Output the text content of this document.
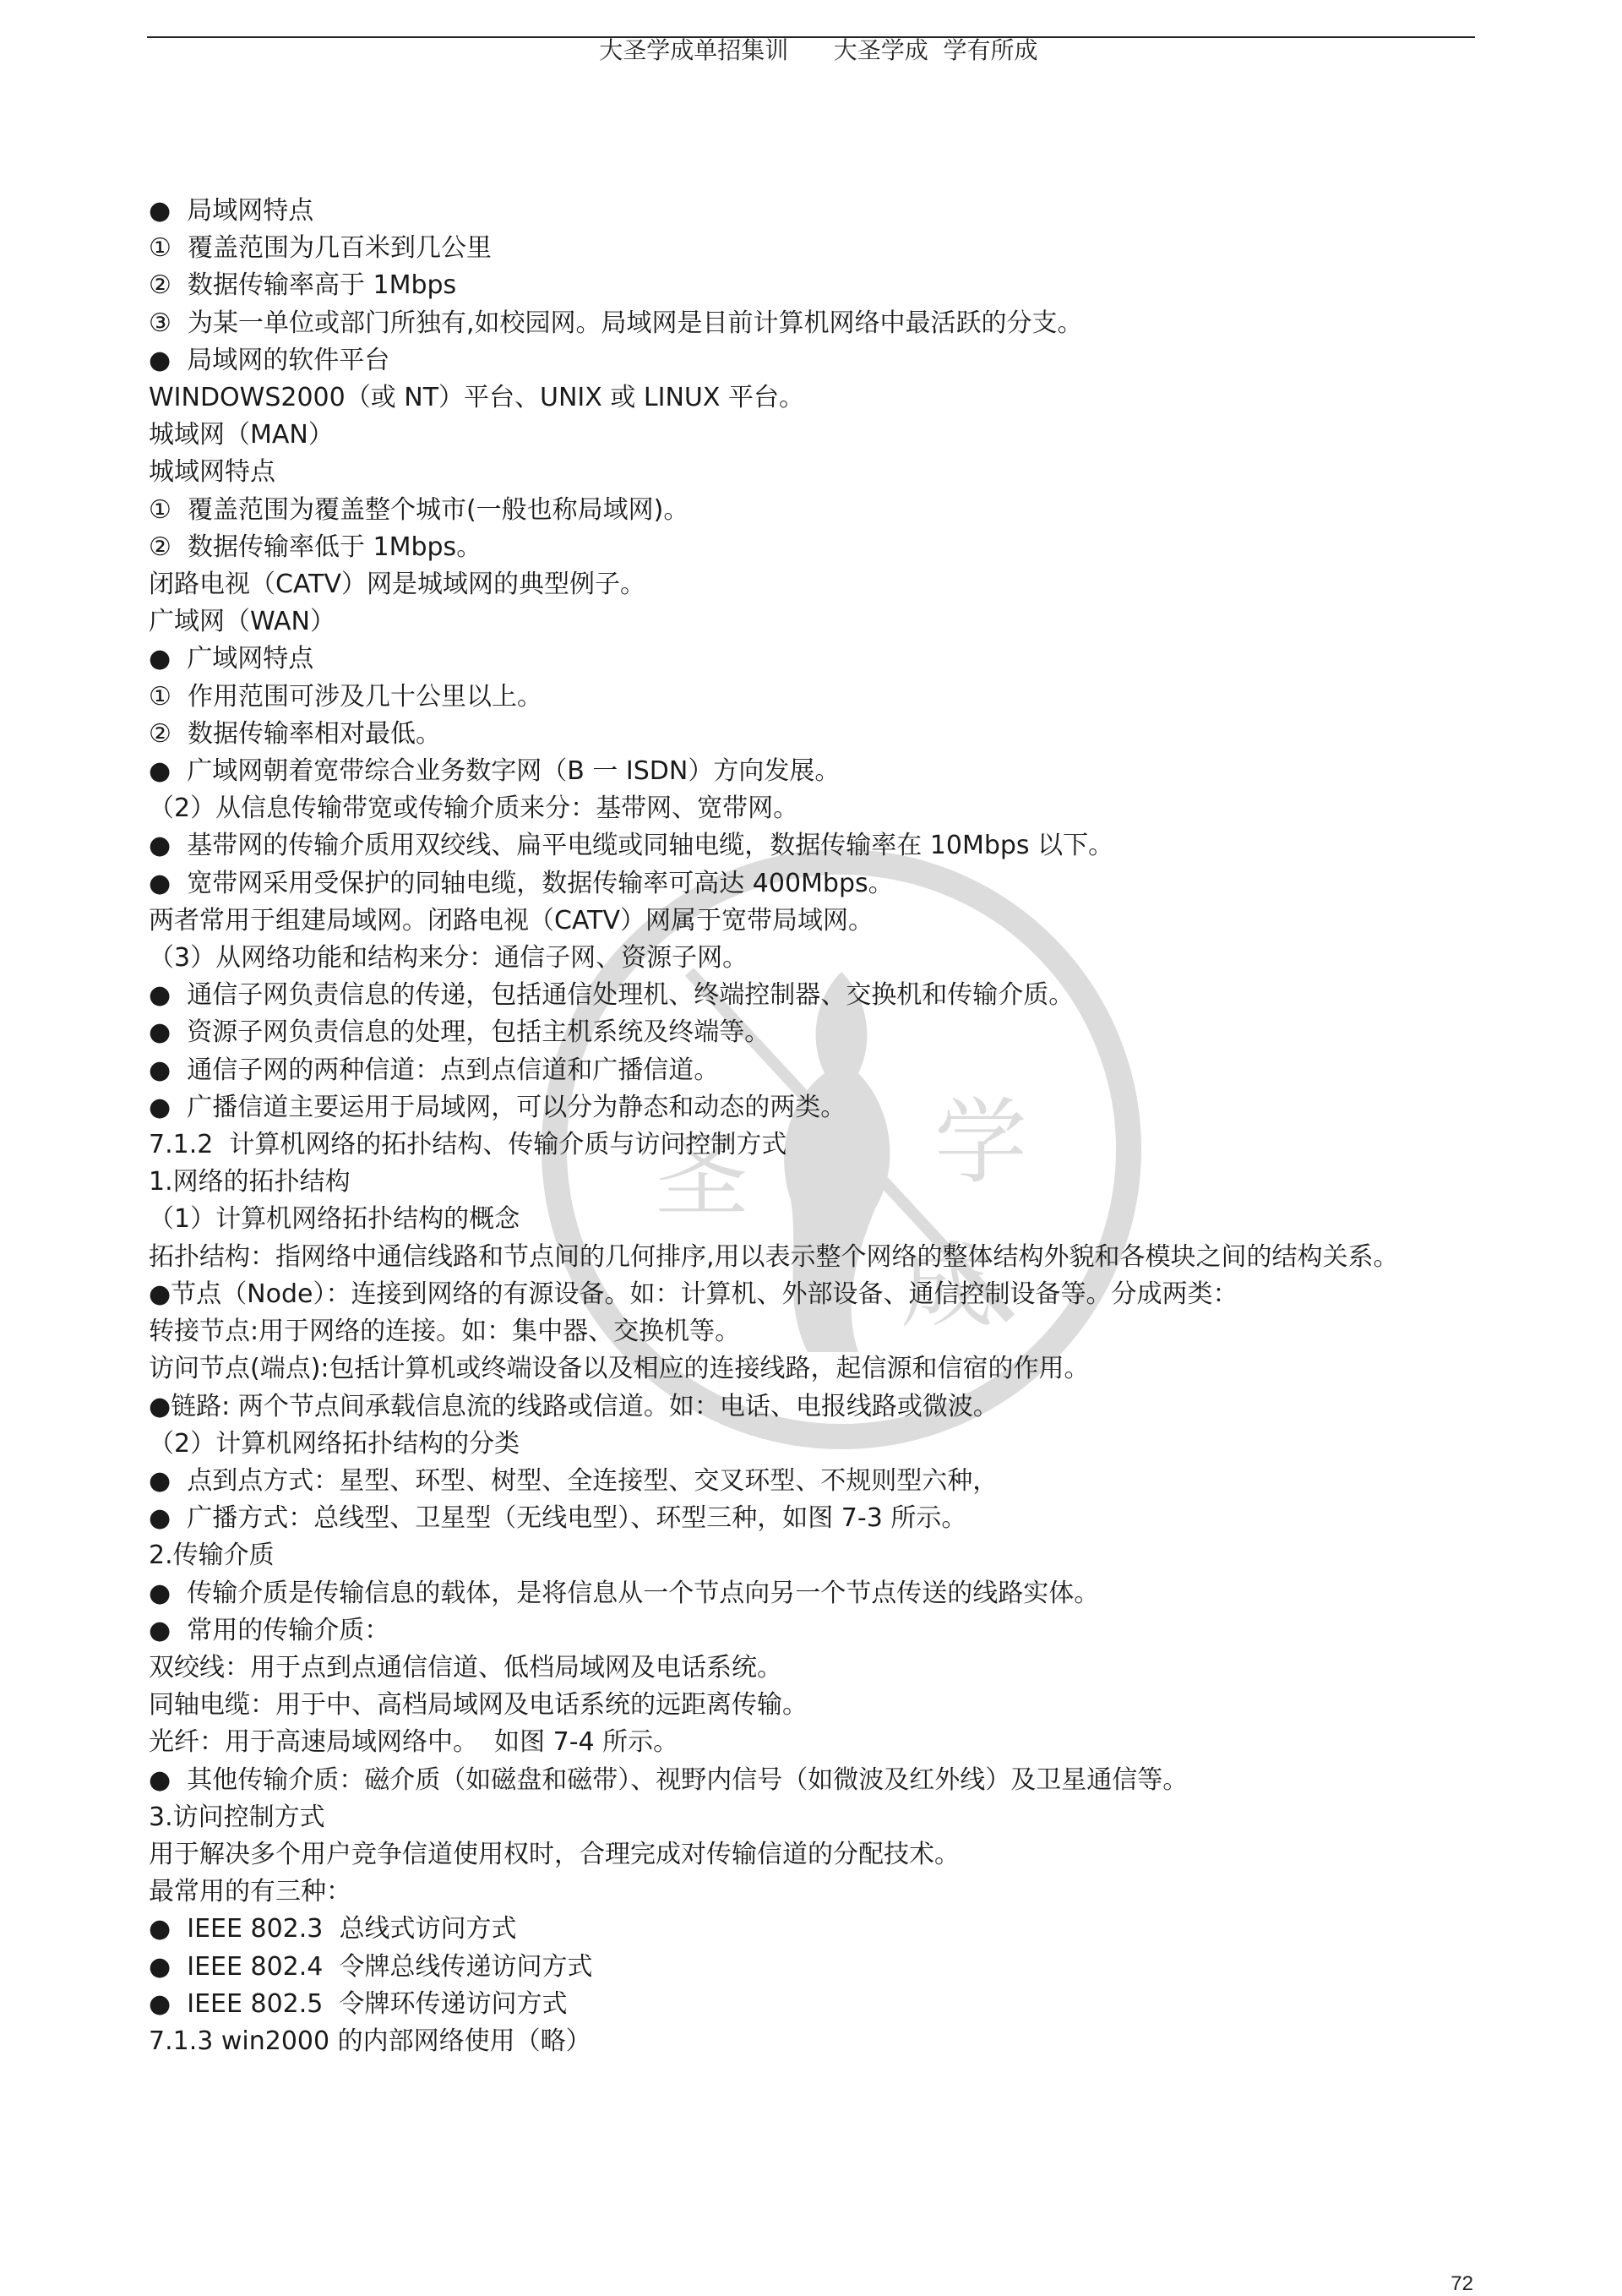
大圣学成单招集训      大圣学成  学有所成

圣 学
成
●  局域网特点
①  覆盖范围为几百米到几公里
②  数据传输率高于 1Mbps
③  为某一单位或部门所独有,如校园网。局域网是目前计算机网络中最活跃的分支。
●  局域网的软件平台
WINDOWS2000（或 NT）平台、UNIX 或 LINUX 平台。
城域网（MAN）
城域网特点
①  覆盖范围为覆盖整个城市(一般也称局域网)。
②  数据传输率低于 1Mbps。
闭路电视（CATV）网是城域网的典型例子。
广域网（WAN）
●  广域网特点
①  作用范围可涉及几十公里以上。
②  数据传输率相对最低。
●  广域网朝着宽带综合业务数字网（B 一 ISDN）方向发展。
（2）从信息传输带宽或传输介质来分：基带网、宽带网。
●  基带网的传输介质用双绞线、扁平电缆或同轴电缆，数据传输率在 10Mbps 以下。
●  宽带网采用受保护的同轴电缆，数据传输率可高达 400Mbps。
两者常用于组建局域网。闭路电视（CATV）网属于宽带局域网。
（3）从网络功能和结构来分：通信子网、资源子网。
●  通信子网负责信息的传递，包括通信处理机、终端控制器、交换机和传输介质。
●  资源子网负责信息的处理，包括主机系统及终端等。
●  通信子网的两种信道：点到点信道和广播信道。
●  广播信道主要运用于局域网，可以分为静态和动态的两类。
7.1.2  计算机网络的拓扑结构、传输介质与访问控制方式
1.网络的拓扑结构
（1）计算机网络拓扑结构的概念
拓扑结构：指网络中通信线路和节点间的几何排序,用以表示整个网络的整体结构外貌和各模块之间的结构关系。
●节点（Node）：连接到网络的有源设备。如：计算机、外部设备、通信控制设备等。分成两类：
转接节点:用于网络的连接。如：集中器、交换机等。
访问节点(端点):包括计算机或终端设备以及相应的连接线路，起信源和信宿的作用。
●链路: 两个节点间承载信息流的线路或信道。如：电话、电报线路或微波。
（2）计算机网络拓扑结构的分类
●  点到点方式：星型、环型、树型、全连接型、交叉环型、不规则型六种，
●  广播方式：总线型、卫星型（无线电型）、环型三种，如图 7-3 所示。
2.传输介质
●  传输介质是传输信息的载体，是将信息从一个节点向另一个节点传送的线路实体。
●  常用的传输介质：
双绞线：用于点到点通信信道、低档局域网及电话系统。
同轴电缆：用于中、高档局域网及电话系统的远距离传输。
光纤：用于高速局域网络中。  如图 7-4 所示。
●  其他传输介质：磁介质（如磁盘和磁带）、视野内信号（如微波及红外线）及卫星通信等。
3.访问控制方式
用于解决多个用户竞争信道使用权时，合理完成对传输信道的分配技术。
最常用的有三种：
●  IEEE 802.3  总线式访问方式
●  IEEE 802.4  令牌总线传递访问方式
●  IEEE 802.5  令牌环传递访问方式
7.1.3 win2000 的内部网络使用（略）
72
